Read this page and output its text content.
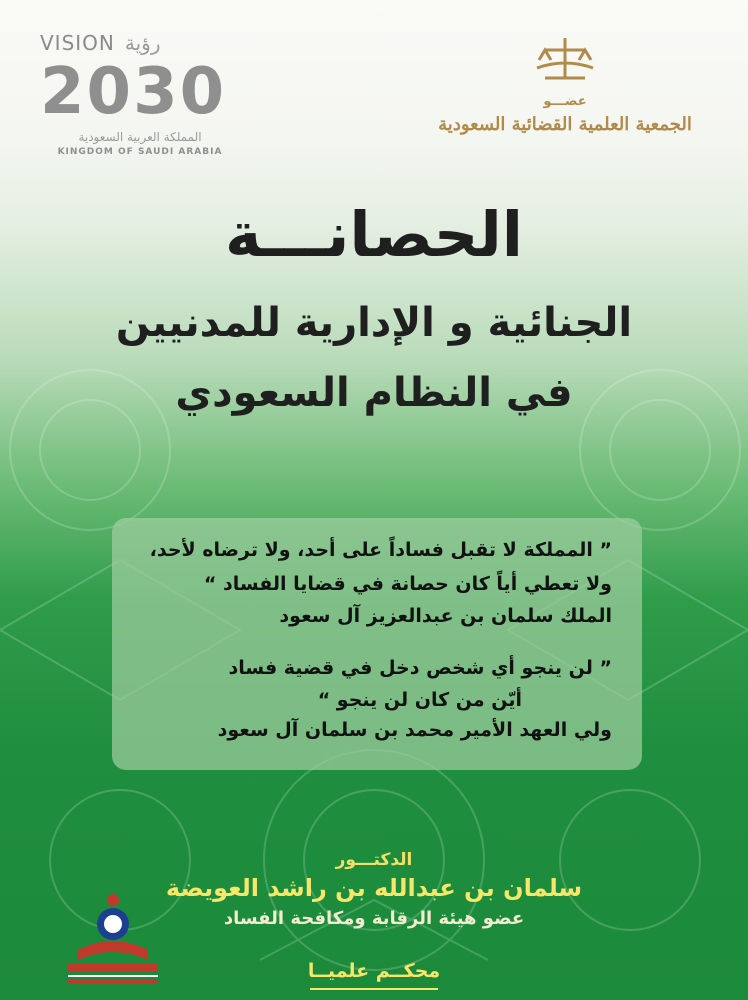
VISION رؤية
2030
المملكة العربية السعودية
KINGDOM OF SAUDI ARABIA
عضـــو
الجمعية العلمية القضائية السعودية
الحصانـــة
الجنائية و الإدارية للمدنيين
في النظام السعودي
” المملكة لا تقبل فساداً على أحد، ولا ترضاه لأحد،
ولا تعطي أياً كان حصانة في قضايا الفساد “
الملك سلمان بن عبدالعزيز آل سعود
” لن ينجو أي شخص دخل في قضية فساد
أيّن من كان لن ينجو “
ولي العهد الأمير محمد بن سلمان آل سعود
الدكتـــور
سلمان بن عبدالله بن راشد العويضة
عضو هيئة الرقابة ومكافحة الفساد
محكــم علميــا
